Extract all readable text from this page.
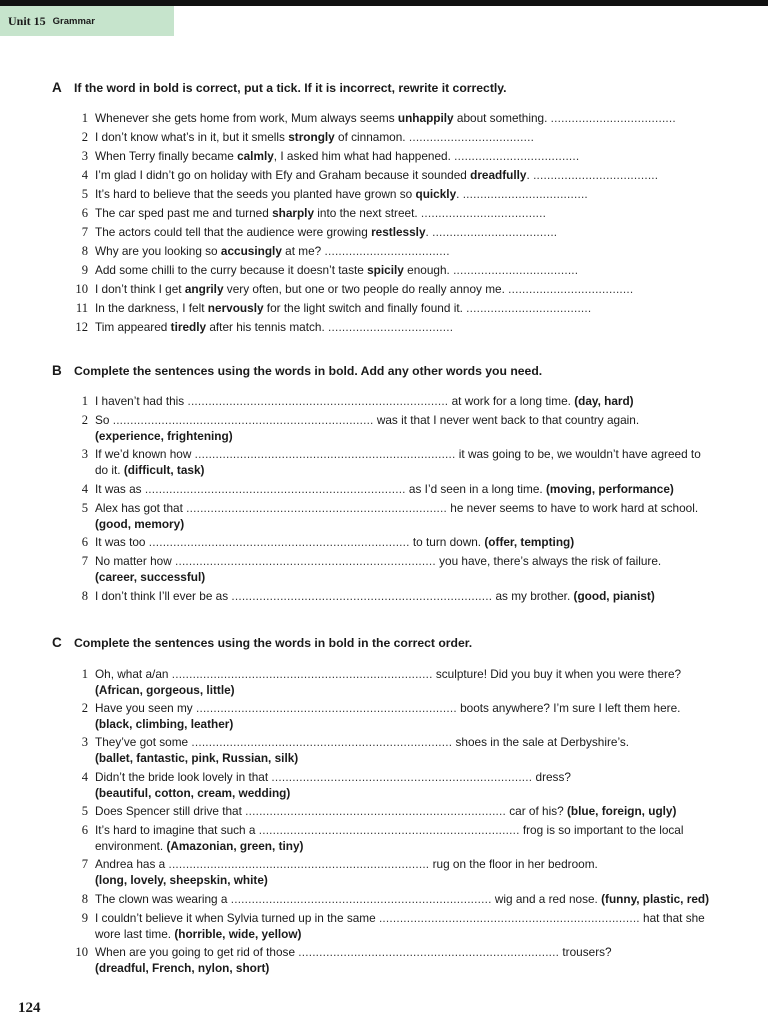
Unit 15 Grammar
A If the word in bold is correct, put a tick. If it is incorrect, rewrite it correctly.
1 Whenever she gets home from work, Mum always seems unhappily about something. ....................................
2 I don’t know what’s in it, but it smells strongly of cinnamon. ....................................
3 When Terry finally became calmly, I asked him what had happened. ....................................
4 I’m glad I didn’t go on holiday with Efy and Graham because it sounded dreadfully. ....................................
5 It’s hard to believe that the seeds you planted have grown so quickly. ....................................
6 The car sped past me and turned sharply into the next street. ....................................
7 The actors could tell that the audience were growing restlessly. ....................................
8 Why are you looking so accusingly at me? ....................................
9 Add some chilli to the curry because it doesn’t taste spicily enough. ....................................
10 I don’t think I get angrily very often, but one or two people do really annoy me. ....................................
11 In the darkness, I felt nervously for the light switch and finally found it. ....................................
12 Tim appeared tiredly after his tennis match. ....................................
B Complete the sentences using the words in bold. Add any other words you need.
1 I haven’t had this ........................................................................... at work for a long time. (day, hard)
2 So ........................................................................... was it that I never went back to that country again.
(experience, frightening)
3 If we’d known how ........................................................................... it was going to be, we wouldn’t have agreed to
do it. (difficult, task)
4 It was as ........................................................................... as I’d seen in a long time. (moving, performance)
5 Alex has got that ........................................................................... he never seems to have to work hard at school.
(good, memory)
6 It was too ........................................................................... to turn down. (offer, tempting)
7 No matter how ........................................................................... you have, there’s always the risk of failure.
(career, successful)
8 I don’t think I’ll ever be as ........................................................................... as my brother. (good, pianist)
C Complete the sentences using the words in bold in the correct order.
1 Oh, what a/an ........................................................................... sculpture! Did you buy it when you were there?
(African, gorgeous, little)
2 Have you seen my ........................................................................... boots anywhere? I’m sure I left them here.
(black, climbing, leather)
3 They’ve got some ........................................................................... shoes in the sale at Derbyshire’s.
(ballet, fantastic, pink, Russian, silk)
4 Didn’t the bride look lovely in that ........................................................................... dress?
(beautiful, cotton, cream, wedding)
5 Does Spencer still drive that ........................................................................... car of his? (blue, foreign, ugly)
6 It’s hard to imagine that such a ........................................................................... frog is so important to the local
environment. (Amazonian, green, tiny)
7 Andrea has a ........................................................................... rug on the floor in her bedroom.
(long, lovely, sheepskin, white)
8 The clown was wearing a ........................................................................... wig and a red nose. (funny, plastic, red)
9 I couldn’t believe it when Sylvia turned up in the same ........................................................................... hat that she
wore last time. (horrible, wide, yellow)
10 When are you going to get rid of those ........................................................................... trousers?
(dreadful, French, nylon, short)
124
